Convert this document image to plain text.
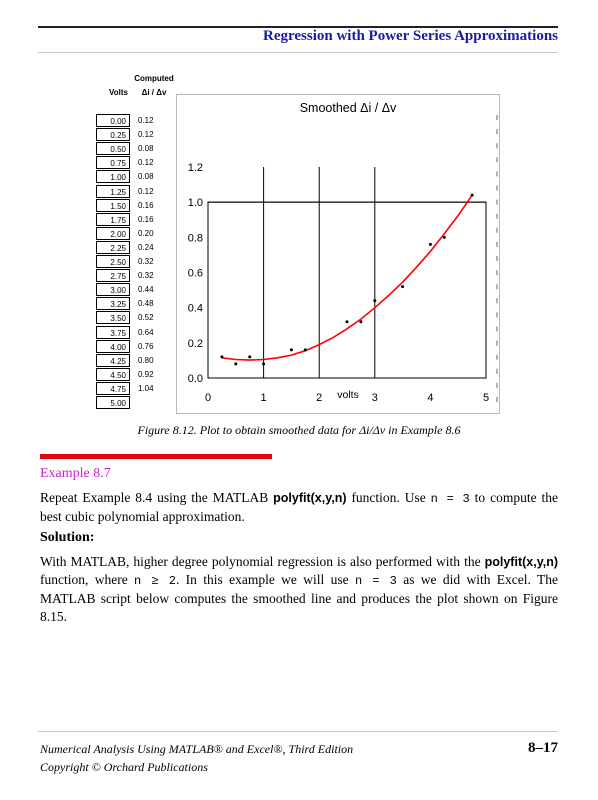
Regression with Power Series Approximations
Computed
Volts	Δi / Δv
0.00	0.12
0.25	0.12
0.50	0.08
0.75	0.12
1.00	0.08
1.25	0.12
1.50	0.16
1.75	0.16
2.00	0.20
2.25	0.24
2.50	0.32
2.75	0.32
3.00	0.44
3.25	0.48
3.50	0.52
3.75	0.64
4.00	0.76
4.25	0.80
4.50	0.92
4.75	1.04
5.00
Smoothed Δi / Δv
0.0
0.2
0.4
0.6
0.8
1.0
1.2
0	1	2	3	4	5
volts
Figure 8.12. Plot to obtain smoothed data for Δi/Δv in Example 8.6
Example 8.7
Repeat Example 8.4 using the MATLAB polyfit(x,y,n) function. Use n = 3 to compute the best cubic polynomial approximation.
Solution:
With MATLAB, higher degree polynomial regression is also performed with the polyfit(x,y,n) function, where n ≥ 2. In this example we will use n = 3 as we did with Excel. The MATLAB script below computes the smoothed line and produces the plot shown on Figure 8.15.
Numerical Analysis Using MATLAB® and Excel®, Third Edition
Copyright © Orchard Publications
8–17
